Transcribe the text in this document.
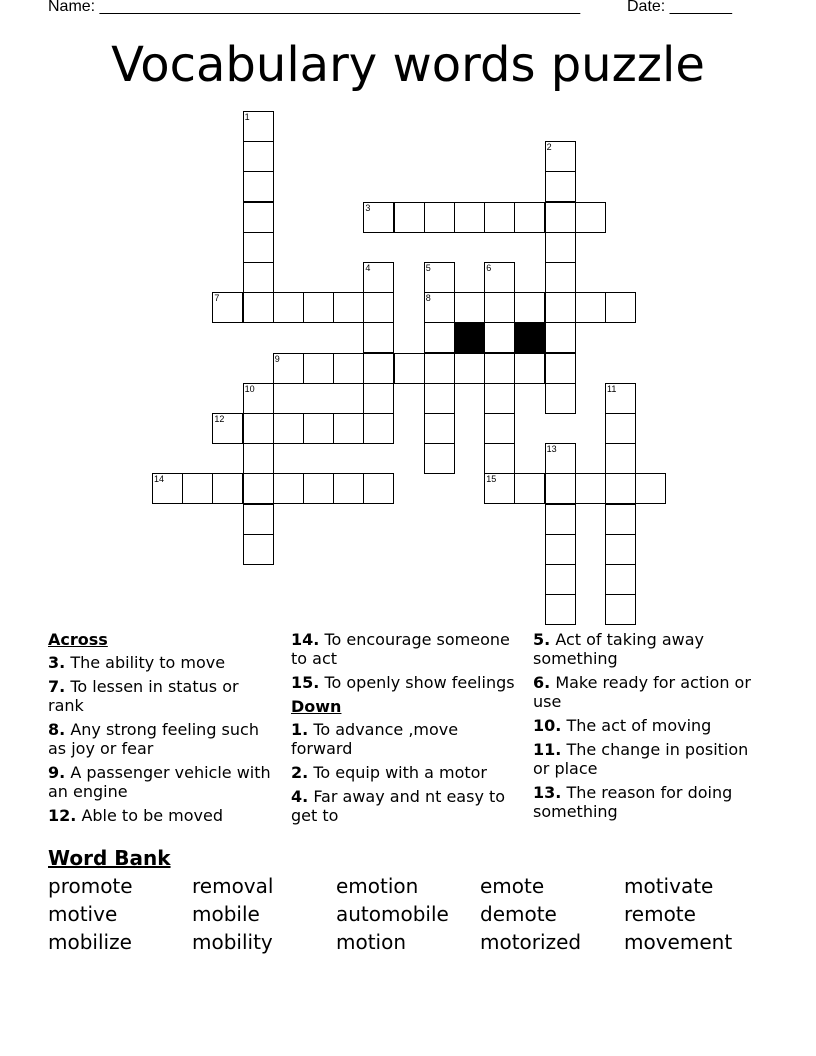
Name: ______________________________________________________	Date: _______
Vocabulary words puzzle
3
7	8
9
12
14	15
1
2
4	5	6
10	11
13
Across
3. The ability to move
7. To lessen in status or rank
8. Any strong feeling such as joy or fear
9. A passenger vehicle with an engine
12. Able to be moved
14. To encourage someone to act
15. To openly show feelings
Down
1. To advance ,move forward
2. To equip with a motor
4. Far away and nt easy to get to
5. Act of taking away something
6. Make ready for action or use
10. The act of moving
11. The change in position or place
13. The reason for doing something
Word Bank
promote	removal	emotion	emote	motivate
motive	mobile	automobile	demote	remote
mobilize	mobility	motion	motorized	movement
